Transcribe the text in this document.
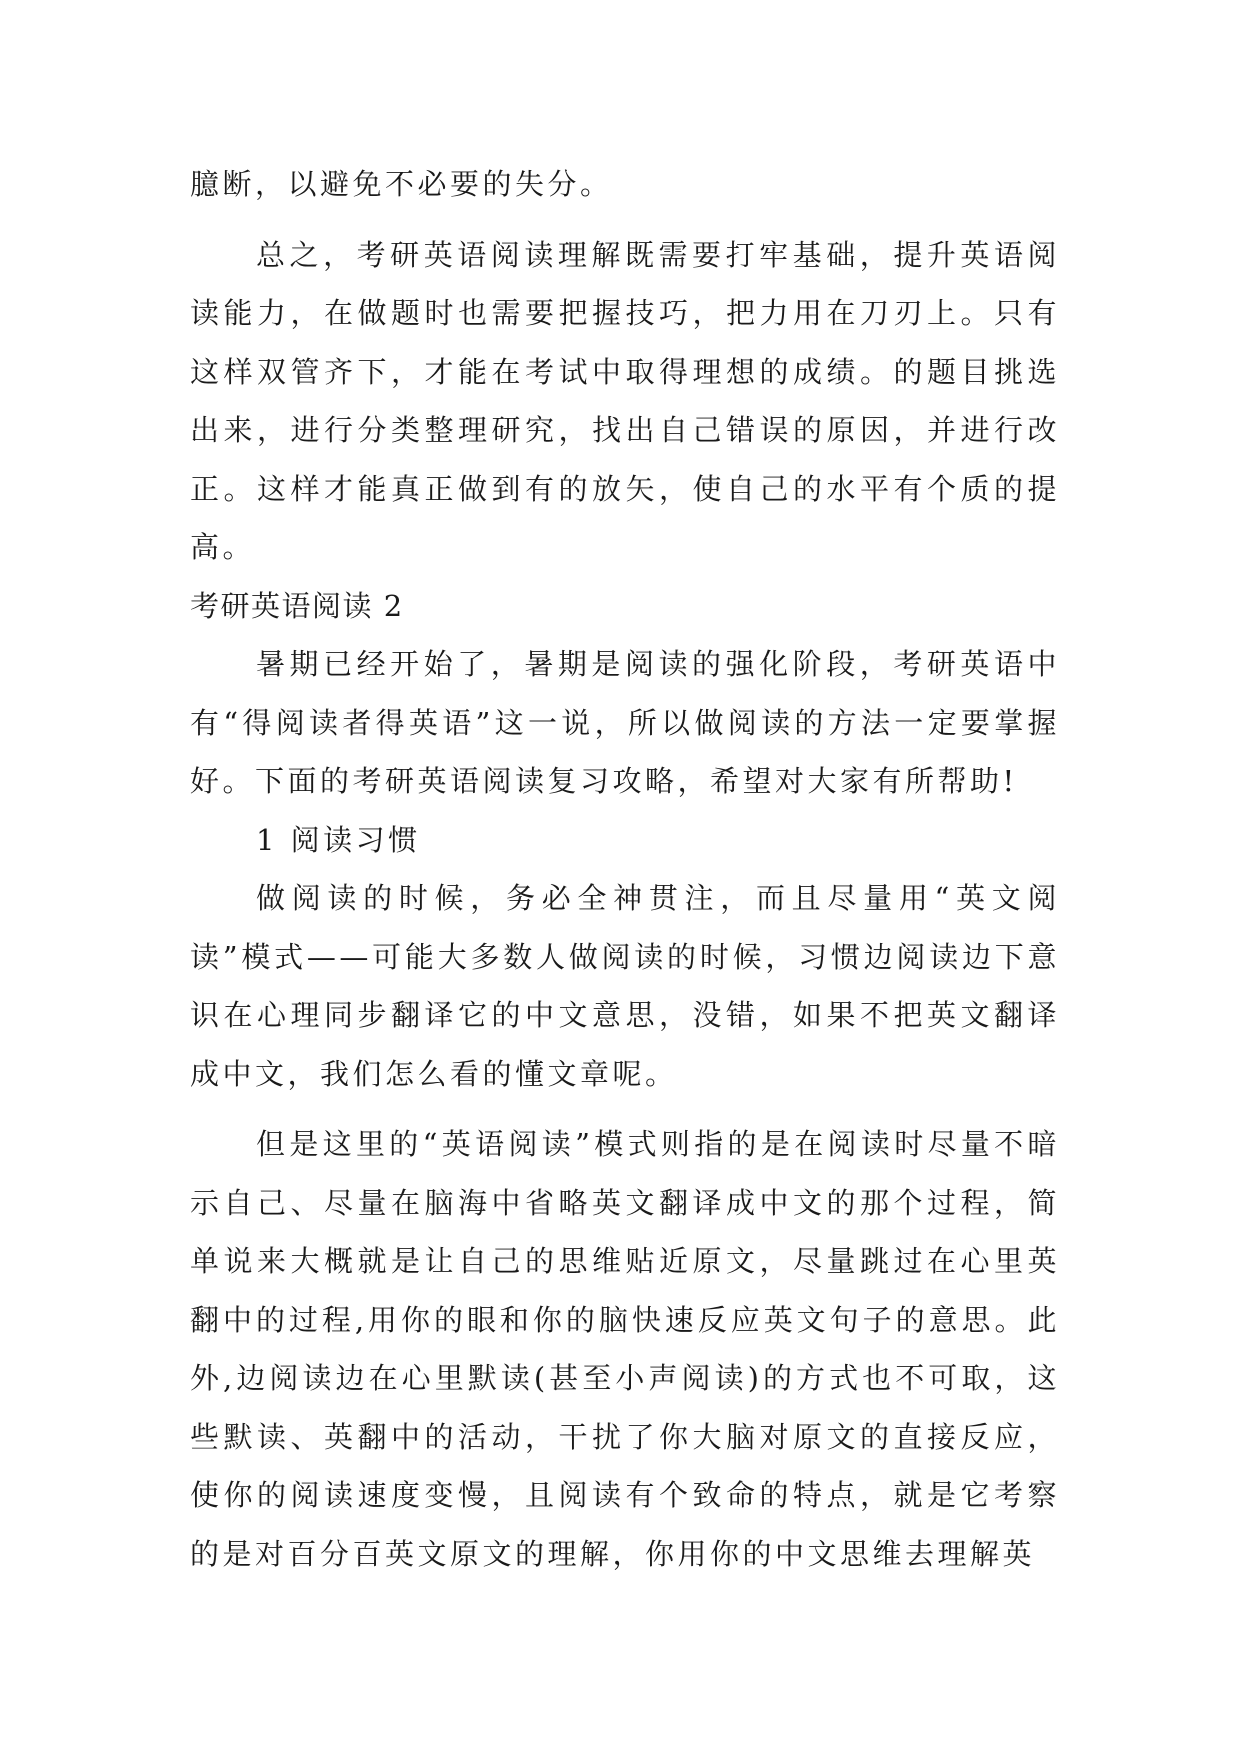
臆断，以避免不必要的失分。

总之，考研英语阅读理解既需要打牢基础，提升英语阅读能力，在做题时也需要把握技巧，把力用在刀刃上。只有这样双管齐下，才能在考试中取得理想的成绩。的题目挑选出来，进行分类整理研究，找出自己错误的原因，并进行改正。这样才能真正做到有的放矢，使自己的水平有个质的提高。

考研英语阅读 2

暑期已经开始了，暑期是阅读的强化阶段，考研英语中有“得阅读者得英语”这一说，所以做阅读的方法一定要掌握好。下面的考研英语阅读复习攻略，希望对大家有所帮助!

1 阅读习惯

做阅读的时候，务必全神贯注，而且尽量用“英文阅读”模式——可能大多数人做阅读的时候，习惯边阅读边下意识在心理同步翻译它的中文意思，没错，如果不把英文翻译成中文，我们怎么看的懂文章呢。

但是这里的“英语阅读”模式则指的是在阅读时尽量不暗示自己、尽量在脑海中省略英文翻译成中文的那个过程，简单说来大概就是让自己的思维贴近原文，尽量跳过在心里英翻中的过程,用你的眼和你的脑快速反应英文句子的意思。此外,边阅读边在心里默读(甚至小声阅读)的方式也不可取，这些默读、英翻中的活动，干扰了你大脑对原文的直接反应，使你的阅读速度变慢，且阅读有个致命的特点，就是它考察的是对百分百英文原文的理解，你用你的中文思维去理解英
